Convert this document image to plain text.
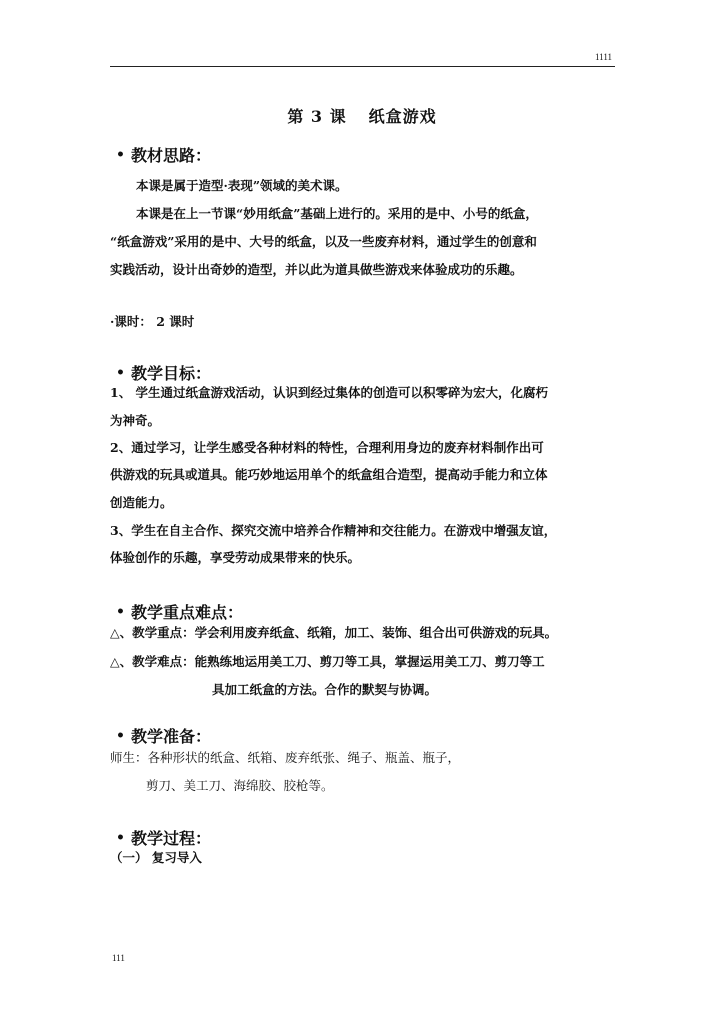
1111
第 3 课 纸盒游戏
• 教材思路：
本课是属于造型·表现”领域的美术课。
本课是在上一节课“妙用纸盒”基础上进行的。采用的是中、小号的纸盒，
“纸盒游戏”采用的是中、大号的纸盒，以及一些废弃材料，通过学生的创意和
实践活动，设计出奇妙的造型，并以此为道具做些游戏来体验成功的乐趣。
·课时： 2 课时
• 教学目标：
1、 学生通过纸盒游戏活动，认识到经过集体的创造可以积零碎为宏大，化腐朽
为神奇。
2、通过学习，让学生感受各种材料的特性，合理利用身边的废弃材料制作出可
供游戏的玩具或道具。能巧妙地运用单个的纸盒组合造型，提高动手能力和立体
创造能力。
3、学生在自主合作、探究交流中培养合作精神和交往能力。在游戏中增强友谊，
体验创作的乐趣，享受劳动成果带来的快乐。
• 教学重点难点：
△、教学重点：学会利用废弃纸盒、纸箱，加工、装饰、组合出可供游戏的玩具。
△、教学难点：能熟练地运用美工刀、剪刀等工具，掌握运用美工刀、剪刀等工
具加工纸盒的方法。合作的默契与协调。
• 教学准备：
师生：各种形状的纸盒、纸箱、废弃纸张、绳子、瓶盖、瓶子，
剪刀、美工刀、海绵胶、胶枪等。
• 教学过程：
（一） 复习导入
111
